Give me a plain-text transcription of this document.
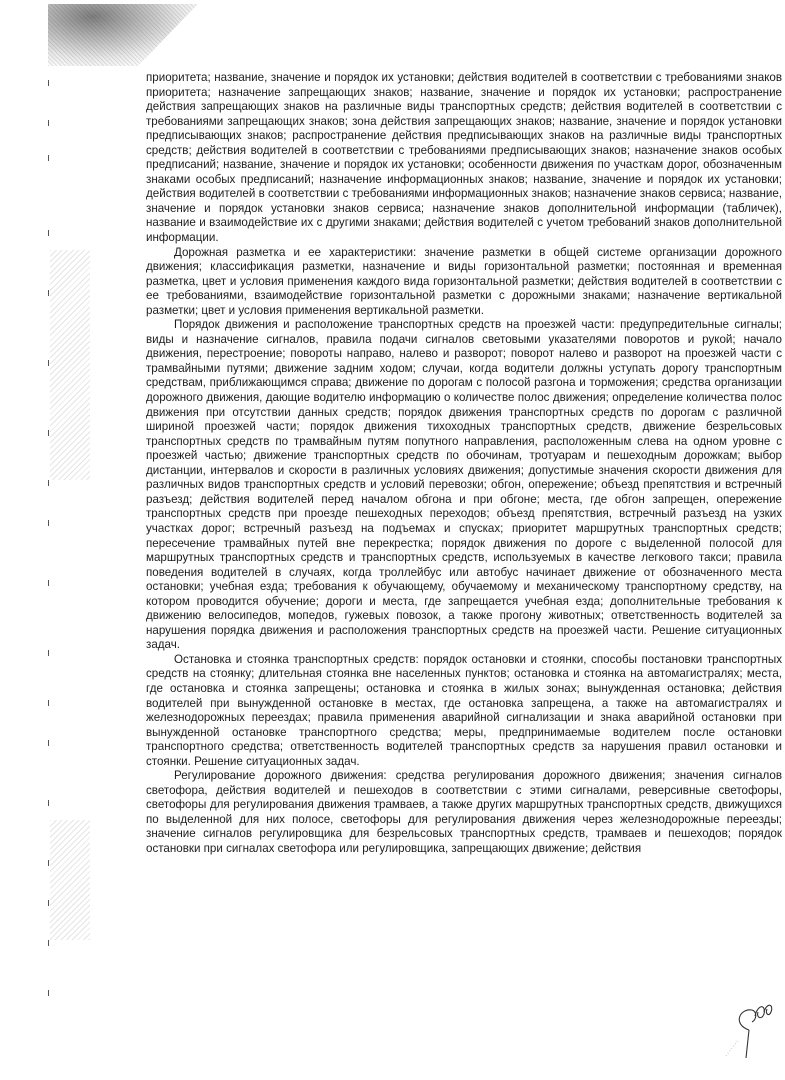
приоритета; название, значение и порядок их установки; действия водителей в соответствии с требованиями знаков приоритета; назначение запрещающих знаков; название, значение и порядок их установки; распространение действия запрещающих знаков на различные виды транспортных средств; действия водителей в соответствии с требованиями запрещающих знаков; зона действия запрещающих знаков; название, значение и порядок установки предписывающих знаков; распространение действия предписывающих знаков на различные виды транспортных средств; действия водителей в соответствии с требованиями предписывающих знаков; назначение знаков особых предписаний; название, значение и порядок их установки; особенности движения по участкам дорог, обозначенным знаками особых предписаний; назначение информационных знаков; название, значение и порядок их установки; действия водителей в соответствии с требованиями информационных знаков; назначение знаков сервиса; название, значение и порядок установки знаков сервиса; назначение знаков дополнительной информации (табличек), название и взаимодействие их с другими знаками; действия водителей с учетом требований знаков дополнительной информации.

Дорожная разметка и ее характеристики: значение разметки в общей системе организации дорожного движения; классификация разметки, назначение и виды горизонтальной разметки; постоянная и временная разметка, цвет и условия применения каждого вида горизонтальной разметки; действия водителей в соответствии с ее требованиями, взаимодействие горизонтальной разметки с дорожными знаками; назначение вертикальной разметки; цвет и условия применения вертикальной разметки.

Порядок движения и расположение транспортных средств на проезжей части: предупредительные сигналы; виды и назначение сигналов, правила подачи сигналов световыми указателями поворотов и рукой; начало движения, перестроение; повороты направо, налево и разворот; поворот налево и разворот на проезжей части с трамвайными путями; движение задним ходом; случаи, когда водители должны уступать дорогу транспортным средствам, приближающимся справа; движение по дорогам с полосой разгона и торможения; средства организации дорожного движения, дающие водителю информацию о количестве полос движения; определение количества полос движения при отсутствии данных средств; порядок движения транспортных средств по дорогам с различной шириной проезжей части; порядок движения тихоходных транспортных средств, движение безрельсовых транспортных средств по трамвайным путям попутного направления, расположенным слева на одном уровне с проезжей частью; движение транспортных средств по обочинам, тротуарам и пешеходным дорожкам; выбор дистанции, интервалов и скорости в различных условиях движения; допустимые значения скорости движения для различных видов транспортных средств и условий перевозки; обгон, опережение; объезд препятствия и встречный разъезд; действия водителей перед началом обгона и при обгоне; места, где обгон запрещен, опережение транспортных средств при проезде пешеходных переходов; объезд препятствия, встречный разъезд на узких участках дорог; встречный разъезд на подъемах и спусках; приоритет маршрутных транспортных средств; пересечение трамвайных путей вне перекрестка; порядок движения по дороге с выделенной полосой для маршрутных транспортных средств и транспортных средств, используемых в качестве легкового такси; правила поведения водителей в случаях, когда троллейбус или автобус начинает движение от обозначенного места остановки; учебная езда; требования к обучающему, обучаемому и механическому транспортному средству, на котором проводится обучение; дороги и места, где запрещается учебная езда; дополнительные требования к движению велосипедов, мопедов, гужевых повозок, а также прогону животных; ответственность водителей за нарушения порядка движения и расположения транспортных средств на проезжей части. Решение ситуационных задач.

Остановка и стоянка транспортных средств: порядок остановки и стоянки, способы постановки транспортных средств на стоянку; длительная стоянка вне населенных пунктов; остановка и стоянка на автомагистралях; места, где остановка и стоянка запрещены; остановка и стоянка в жилых зонах; вынужденная остановка; действия водителей при вынужденной остановке в местах, где остановка запрещена, а также на автомагистралях и железнодорожных переездах; правила применения аварийной сигнализации и знака аварийной остановки при вынужденной остановке транспортного средства; меры, предпринимаемые водителем после остановки транспортного средства; ответственность водителей транспортных средств за нарушения правил остановки и стоянки. Решение ситуационных задач.

Регулирование дорожного движения: средства регулирования дорожного движения; значения сигналов светофора, действия водителей и пешеходов в соответствии с этими сигналами, реверсивные светофоры, светофоры для регулирования движения трамваев, а также других маршрутных транспортных средств, движущихся по выделенной для них полосе, светофоры для регулирования движения через железнодорожные переезды; значение сигналов регулировщика для безрельсовых транспортных средств, трамваев и пешеходов; порядок остановки при сигналах светофора или регулировщика, запрещающих движение; действия
